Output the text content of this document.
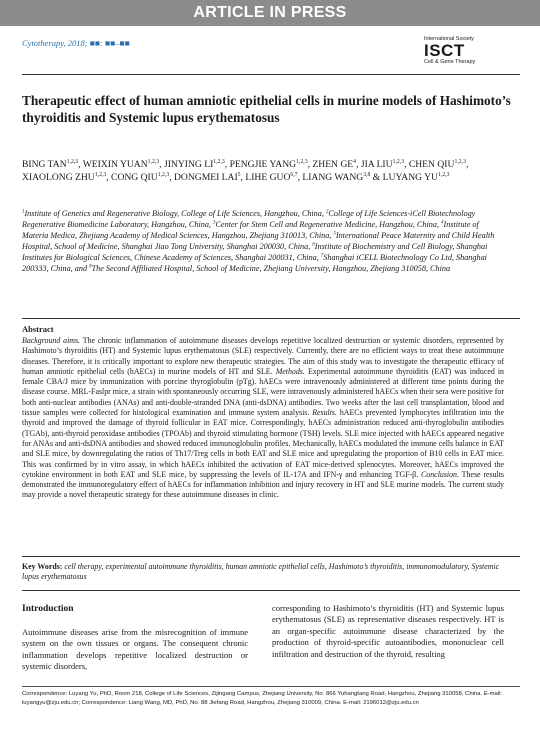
ARTICLE IN PRESS
Cytotherapy, 2018; ■■: ■■–■■	International Society
ISCT
Cell & Gene Therapy
Therapeutic effect of human amniotic epithelial cells in murine models of Hashimoto’s thyroiditis and Systemic lupus erythematosus
BING TAN$^{1,2,3}$, WEIXIN YUAN$^{1,2,3}$, JINYING LI$^{1,2,3}$, PENGJIE YANG$^{1,2,3}$, ZHEN $GE^4$, JIA LIU$^{1,2,3}$, CHEN QIU$^{1,2,3}$, XIAOLONG ZHU$^{1,2,3}$, CONG QIU$^{1,2,3}$, DONGMEI LAI$^5$, LIHE GUO$^{6,7}$, LIANG WANG$^{3,8}$ & LUYANG YU$^{1,2,3}$
$^1$Institute of Genetics and Regenerative Biology, College of Life Sciences, Hangzhou, China, $^2$College of Life Sciences-iCell Biotechnology Regenerative Biomedicine Laboratory, Hangzhou, China, $^3$Center for Stem Cell and Regenerative Medicine, Hangzhou, China, $^4$Institute of Materia Medica, Zhejiang Academy of Medical Sciences, Hangzhou, Zhejiang 310013, China, $^5$International Peace Maternity and Child Health Hospital, School of Medicine, Shanghai Jiao Tong University, Shanghai 200030, China, $^6$Institute of Biochemistry and Cell Biology, Shanghai Institutes for Biological Sciences, Chinese Academy of Sciences, Shanghai 200031, China, $^7$Shanghai iCELL Biotechnology Co Ltd, Shanghai 200333, China, and $^8$The Second Affiliated Hospital, School of Medicine, Zhejiang University, Hangzhou, Zhejiang 310058, China
Abstract
Background aims. The chronic inflammation of autoimmune diseases develops repetitive localized destruction or systemic disorders, represented by Hashimoto’s thyroiditis (HT) and Systemic lupus erythematosus (SLE) respectively. Currently, there are no efficient ways to treat these autoimmune diseases. Therefore, it is critically important to explore new therapeutic strategies. The aim of this study was to investigate the therapeutic efficacy of human amniotic epithelial cells (hAECs) in murine models of HT and SLE. Methods. Experimental autoimmune thyroiditis (EAT) was induced in female CBA/J mice by immunization with porcine thyroglobulin (pTg). hAECs were intravenously administered at different time points during the disease course. MRL-Faslpr mice, a strain with spontaneously occurring SLE, were intravenously administered hAECs when their sera were positive for both anti-nuclear antibodies (ANAs) and anti-double-stranded DNA (anti-dsDNA) antibodies. Two weeks after the last cell transplantation, blood and tissue samples were collected for histological examination and immune system analysis. Results. hAECs prevented lymphocytes infiltration into the thyroid and improved the damage of thyroid follicular in EAT mice. Correspondingly, hAECs administration reduced anti-thyroglobulin antibodies (TGAb), anti-thyroid peroxidase antibodies (TPOAb) and thyroid stimulating hormone (TSH) levels. SLE mice injected with hAECs appeared negative for ANAs and anti-dsDNA antibodies and showed reduced immunoglobulin profiles. Mechanically, hAECs modulated the immune cells balance in EAT and SLE mice, by downregulating the ratios of Th17/Treg cells in both EAT and SLE mice and upregulating the proportion of B10 cells in EAT mice. This was confirmed by in vitro assay, in which hAECs inhibited the activation of EAT mice-derived splenocytes. Moreover, hAECs improved the cytokine environment in both EAT and SLE mice, by suppressing the levels of IL-17A and IFN-γ and enhancing TGF-β. Conclusion. These results demonstrated the immunoregulatory effect of hAECs for inflammation inhibition and injury recovery in HT and SLE murine models. The current study may provide a novel therapeutic strategy for these autoimmune diseases in clinic.
Key Words: cell therapy, experimental autoimmune thyroiditis, human amniotic epithelial cells, Hashimoto’s thyroiditis, immunomodulatory, Systemic lupus erythematosus
Introduction
Autoimmune diseases arise from the misrecognition of immune system on the own tissues or organs. The consequent chronic inflammation develops repetitive localized destruction or systemic disorders,
corresponding to Hashimoto’s thyroiditis (HT) and Systemic lupus erythematosus (SLE) as representative diseases respectively. HT is an organ-specific autoimmune disease characterized by the production of thyroid-specific autoantibodies, mononuclear cell infiltration and destruction of the thyroid, resulting
Correspondence: Luyang Yu, PhD, Room 218, College of Life Sciences, Zijingang Campus, Zhejiang University, No. 866 Yuhangtang Road, Hangzhou, Zhejiang 310058, China. E-mail: luyangyu@zju.edu.cn; Correspondence: Liang Wang, MD, PhD, No. 88 Jiefang Road, Hangzhou, Zhejiang 310009, China. E-mail: 2196012@zju.edu.cn
